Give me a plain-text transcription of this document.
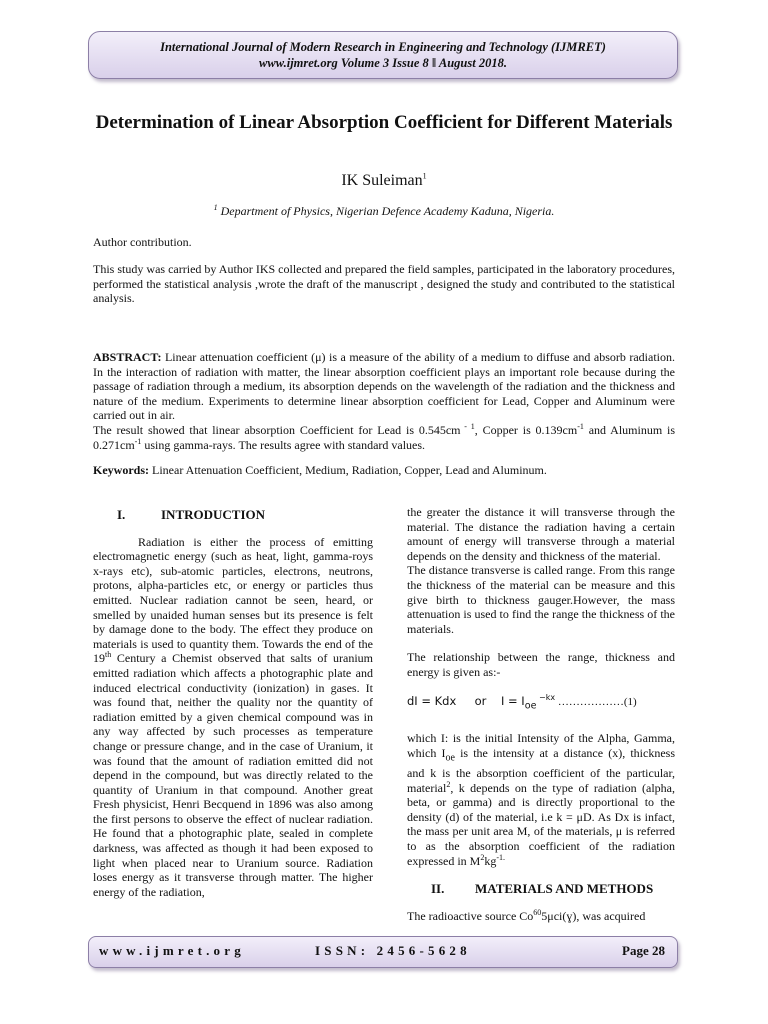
International Journal of Modern Research in Engineering and Technology (IJMRET)
www.ijmret.org Volume 3 Issue 8 ǁ August 2018.
Determination of Linear Absorption Coefficient for Different Materials
IK Suleiman$^1$
$^1$ Department of Physics, Nigerian Defence Academy Kaduna, Nigeria.
Author contribution.
This study was carried by Author IKS collected and prepared the field samples, participated in the laboratory procedures, performed the statistical analysis ,wrote the draft of the manuscript , designed the study and contributed to the statistical analysis.

ABSTRACT: Linear attenuation coefficient (μ) is a measure of the ability of a medium to diffuse and absorb radiation. In the interaction of radiation with matter, the linear absorption coefficient plays an important role because during the passage of radiation through a medium, its absorption depends on the wavelength of the radiation and the thickness and nature of the medium. Experiments to determine linear absorption coefficient for Lead, Copper and Aluminum were carried out in air.

The result showed that linear absorption Coefficient for Lead is 0.545cm $^{- 1}$, Copper is $0.139cm^{-1}$ and Aluminum is $0.271cm^{-1}$ using gamma-rays. The results agree with standard values.

Keywords: Linear Attenuation Coefficient, Medium, Radiation, Copper, Lead and Aluminum.
I.	INTRODUCTION

Radiation is either the process of emitting electromagnetic energy (such as heat, light, gamma-roys x-rays etc), sub-atomic particles, electrons, neutrons, protons, alpha-particles etc, or energy or particles thus emitted. Nuclear radiation cannot be seen, heard, or smelled by unaided human senses but its presence is felt by damage done to the body. The effect they produce on materials is used to quantity them. Towards the end of the 19th Century a Chemist observed that salts of uranium emitted radiation which affects a photographic plate and induced electrical conductivity (ionization) in gases. It was found that, neither the quality nor the quantity of radiation emitted by a given chemical compound was in any way affected by such processes as temperature change or pressure change, and in the case of Uranium, it was found that the amount of radiation emitted did not depend in the compound, but was directly related to the quantity of Uranium in that compound. Another great Fresh physicist, Henri Becquend in 1896 was also among the first persons to observe the effect of nuclear radiation. He found that a photographic plate, sealed in complete darkness, was affected as though it had been exposed to light when placed near to Uranium source. Radiation loses energy as it transverse through matter. The higher energy of the radiation,

the greater the distance it will transverse through the material. The distance the radiation having a certain amount of energy will transverse through a material depends on the density and thickness of the material.

The distance transverse is called range. From this range the thickness of the material can be measure and this give birth to thickness gauger.However, the mass attenuation is used to find the range the thickness of the materials.

The relationship between the range, thickness and energy is given as:-

dI = Kdx or $I = I_{oe}$ $^{-kx}$ ………………(1)

which I: is the initial Intensity of the Alpha, Gamma, which $I_{oe}$ is the intensity at a distance (x), thickness and k is the absorption coefficient of the particular, material$^2$, k depends on the type of radiation (alpha, beta, or gamma) and is directly proportional to the density (d) of the material, i.e k = μD. As Dx is infact, the mass per unit area M, of the materials, μ is referred to as the absorption coefficient of the radiation expressed in $M^2kg^{-1.}$

II.	MATERIALS AND METHODS

The radioactive source Co$^{60}$5μci(ɣ), was acquired

www.ijmret.org	ISSN: 2456-5628	Page 28
